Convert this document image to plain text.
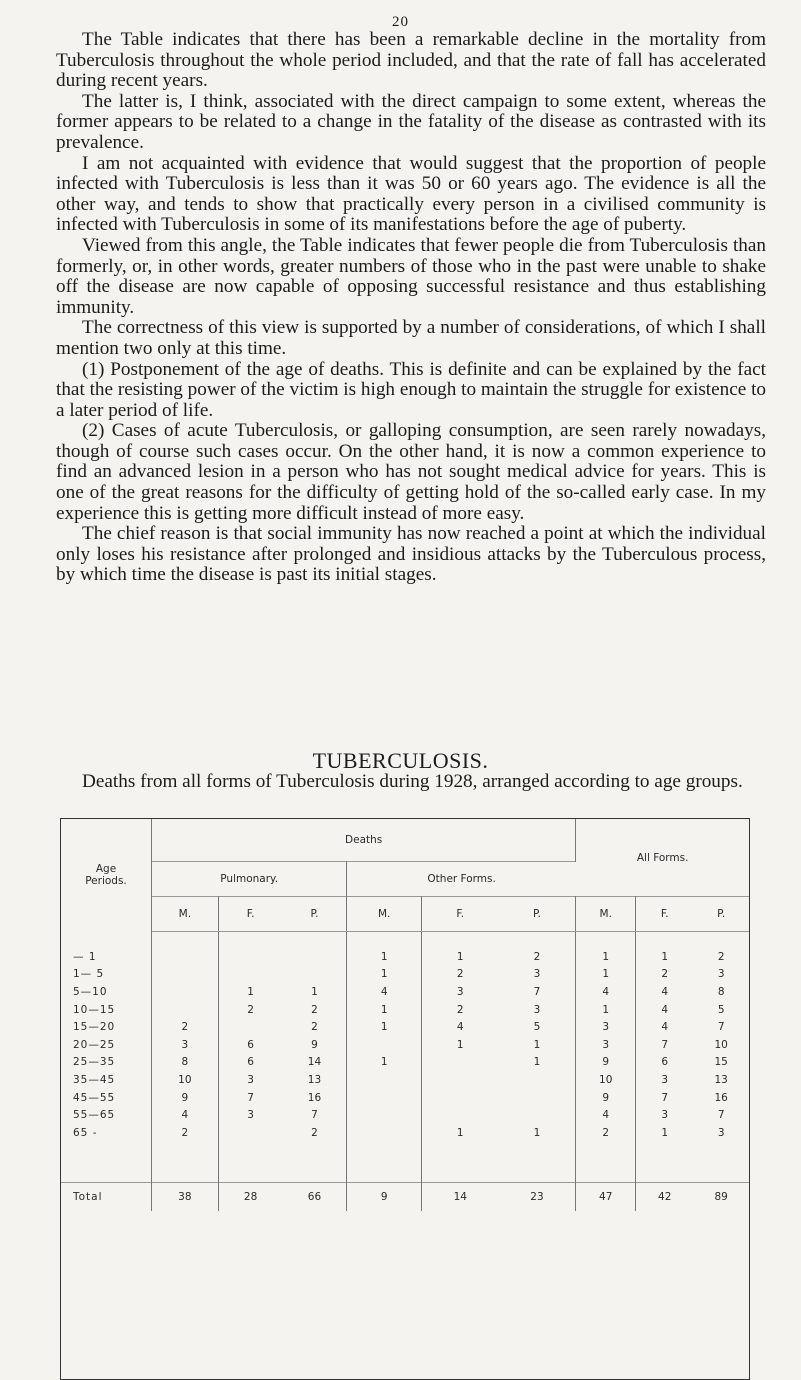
20

The Table indicates that there has been a remarkable decline in the mortality from Tuberculosis throughout the whole period included, and that the rate of fall has accelerated during recent years.

The latter is, I think, associated with the direct campaign to some extent, whereas the former appears to be related to a change in the fatality of the disease as contrasted with its prevalence.

I am not acquainted with evidence that would suggest that the proportion of people infected with Tuberculosis is less than it was 50 or 60 years ago. The evidence is all the other way, and tends to show that practically every person in a civilised community is infected with Tuberculosis in some of its manifestations before the age of puberty.

Viewed from this angle, the Table indicates that fewer people die from Tuberculosis than formerly, or, in other words, greater numbers of those who in the past were unable to shake off the disease are now capable of opposing successful resistance and thus establishing immunity.

The correctness of this view is supported by a number of considerations, of which I shall mention two only at this time.

(1) Postponement of the age of deaths. This is definite and can be explained by the fact that the resisting power of the victim is high enough to maintain the struggle for existence to a later period of life.

(2) Cases of acute Tuberculosis, or galloping consumption, are seen rarely nowadays, though of course such cases occur. On the other hand, it is now a common experience to find an advanced lesion in a person who has not sought medical advice for years. This is one of the great reasons for the difficulty of getting hold of the so-called early case. In my experience this is getting more difficult instead of more easy.

The chief reason is that social immunity has now reached a point at which the individual only loses his resistance after prolonged and insidious attacks by the Tuberculous process, by which time the disease is past its initial stages.

TUBERCULOSIS.

Deaths from all forms of Tuberculosis during 1928, arranged according to age groups.

Age
Periods.	Deaths						All Forms.		
	Pulmonary.			Other Forms.					
	M.	F.	P.	M.	F.	P.	M.	F.	P.

— 1				1	1	2	1	1	2
1— 5				1	2	3	1	2	3
5—10		1	1	4	3	7	4	4	8
10—15		2	2	1	2	3	1	4	5
15—20	2		2	1	4	5	3	4	7
20—25	3	6	9		1	1	3	7	10
25—35	8	6	14	1		1	9	6	15
35—45	10	3	13				10	3	13
45—55	9	7	16				9	7	16
55—65	4	3	7				4	3	7
65 -	2		2		1	1	2	1	3

Total	38	28	66	9	14	23	47	42	89
